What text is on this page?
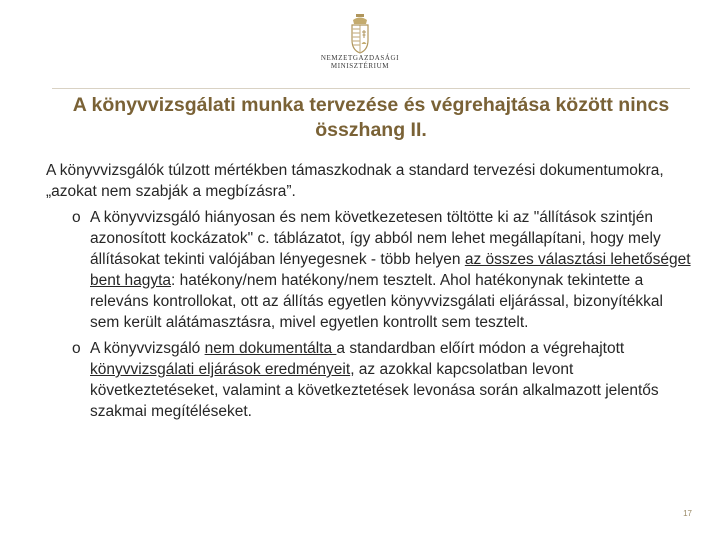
NEMZETGAZDASÁGI
MINISZTÉRIUM
A könyvvizsgálati munka tervezése és végrehajtása között nincs összhang II.

A könyvvizsgálók túlzott mértékben támaszkodnak a standard tervezési dokumentumokra, „azokat nem szabják a megbízásra”.

o A könyvvizsgáló hiányosan és nem következetesen töltötte ki az "állítások szintjén azonosított kockázatok" c. táblázatot, így abból nem lehet megállapítani, hogy mely állításokat tekinti valójában lényegesnek - több helyen az összes választási lehetőséget bent hagyta: hatékony/nem hatékony/nem tesztelt. Ahol hatékonynak tekintette a releváns kontrollokat, ott az állítás egyetlen könyvvizsgálati eljárással, bizonyítékkal sem került alátámasztásra, mivel egyetlen kontrollt sem tesztelt.
o A könyvvizsgáló nem dokumentálta a standardban előírt módon a végrehajtott könyvvizsgálati eljárások eredményeit, az azokkal kapcsolatban levont következtetéseket, valamint a következtetések levonása során alkalmazott jelentős szakmai megítéléseket.
17
